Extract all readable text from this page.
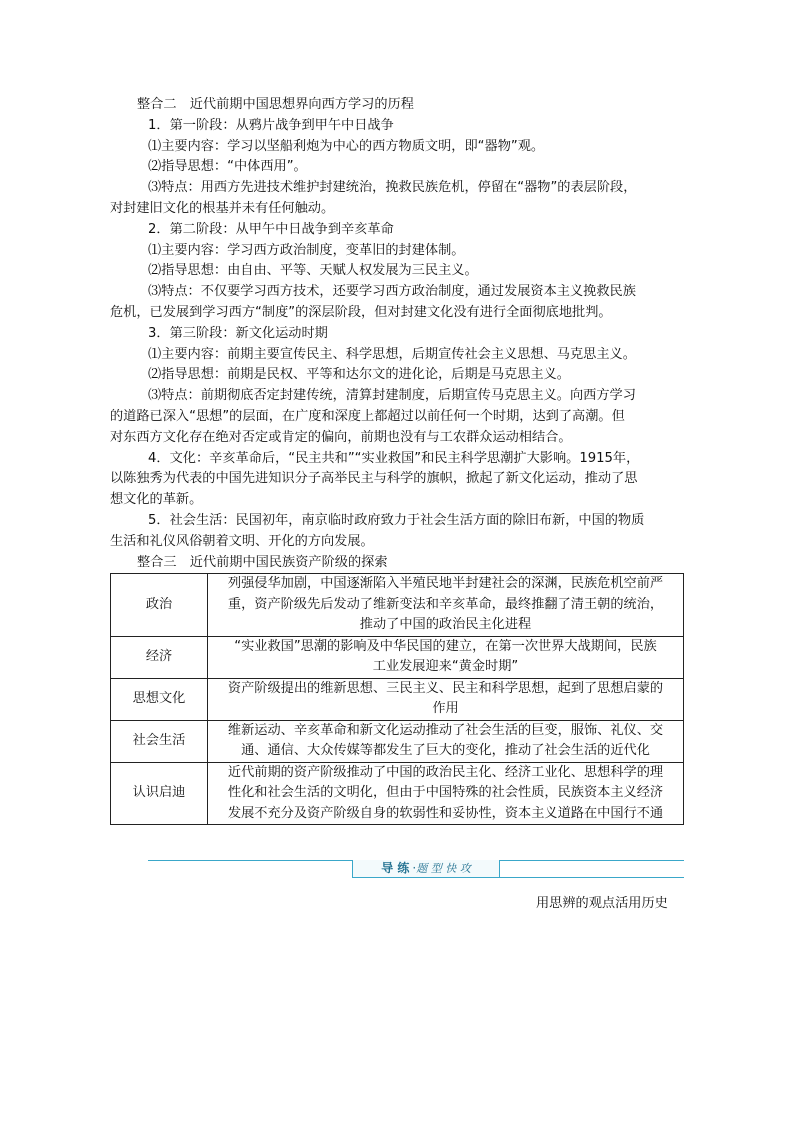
整合二　近代前期中国思想界向西方学习的历程
1．第一阶段：从鸦片战争到甲午中日战争
⑴主要内容：学习以坚船利炮为中心的西方物质文明，即“器物”观。
⑵指导思想：“中体西用”。
⑶特点：用西方先进技术维护封建统治，挽救民族危机，停留在“器物”的表层阶段，
对封建旧文化的根基并未有任何触动。
2．第二阶段：从甲午中日战争到辛亥革命
⑴主要内容：学习西方政治制度，变革旧的封建体制。
⑵指导思想：由自由、平等、天赋人权发展为三民主义。
⑶特点：不仅要学习西方技术，还要学习西方政治制度，通过发展资本主义挽救民族
危机，已发展到学习西方“制度”的深层阶段，但对封建文化没有进行全面彻底地批判。
3．第三阶段：新文化运动时期
⑴主要内容：前期主要宣传民主、科学思想，后期宣传社会主义思想、马克思主义。
⑵指导思想：前期是民权、平等和达尔文的进化论，后期是马克思主义。
⑶特点：前期彻底否定封建传统，清算封建制度，后期宣传马克思主义。向西方学习
的道路已深入“思想”的层面，在广度和深度上都超过以前任何一个时期，达到了高潮。但
对东西方文化存在绝对否定或肯定的偏向，前期也没有与工农群众运动相结合。
4．文化：辛亥革命后，“民主共和”“实业救国”和民主科学思潮扩大影响。1915年，
以陈独秀为代表的中国先进知识分子高举民主与科学的旗帜，掀起了新文化运动，推动了思
想文化的革新。
5．社会生活：民国初年，南京临时政府致力于社会生活方面的除旧布新，中国的物质
生活和礼仪风俗朝着文明、开化的方向发展。
整合三　近代前期中国民族资产阶级的探索
政治	列强侵华加剧，中国逐渐陷入半殖民地半封建社会的深渊，民族危机空前严
重，资产阶级先后发动了维新变法和辛亥革命，最终推翻了清王朝的统治，
推动了中国的政治民主化进程

经济	“实业救国”思潮的影响及中华民国的建立，在第一次世界大战期间，民族
工业发展迎来“黄金时期”

思想文化	资产阶级提出的维新思想、三民主义、民主和科学思想，起到了思想启蒙的
作用

社会生活	维新运动、辛亥革命和新文化运动推动了社会生活的巨变，服饰、礼仪、交
通、通信、大众传媒等都发生了巨大的变化，推动了社会生活的近代化

认识启迪	近代前期的资产阶级推动了中国的政治民主化、经济工业化、思想科学的理
性化和社会生活的文明化，但由于中国特殊的社会性质，民族资本主义经济
发展不充分及资产阶级自身的软弱性和妥协性，资本主义道路在中国行不通
导 练 ·题 型 快 攻
用思辨的观点活用历史
